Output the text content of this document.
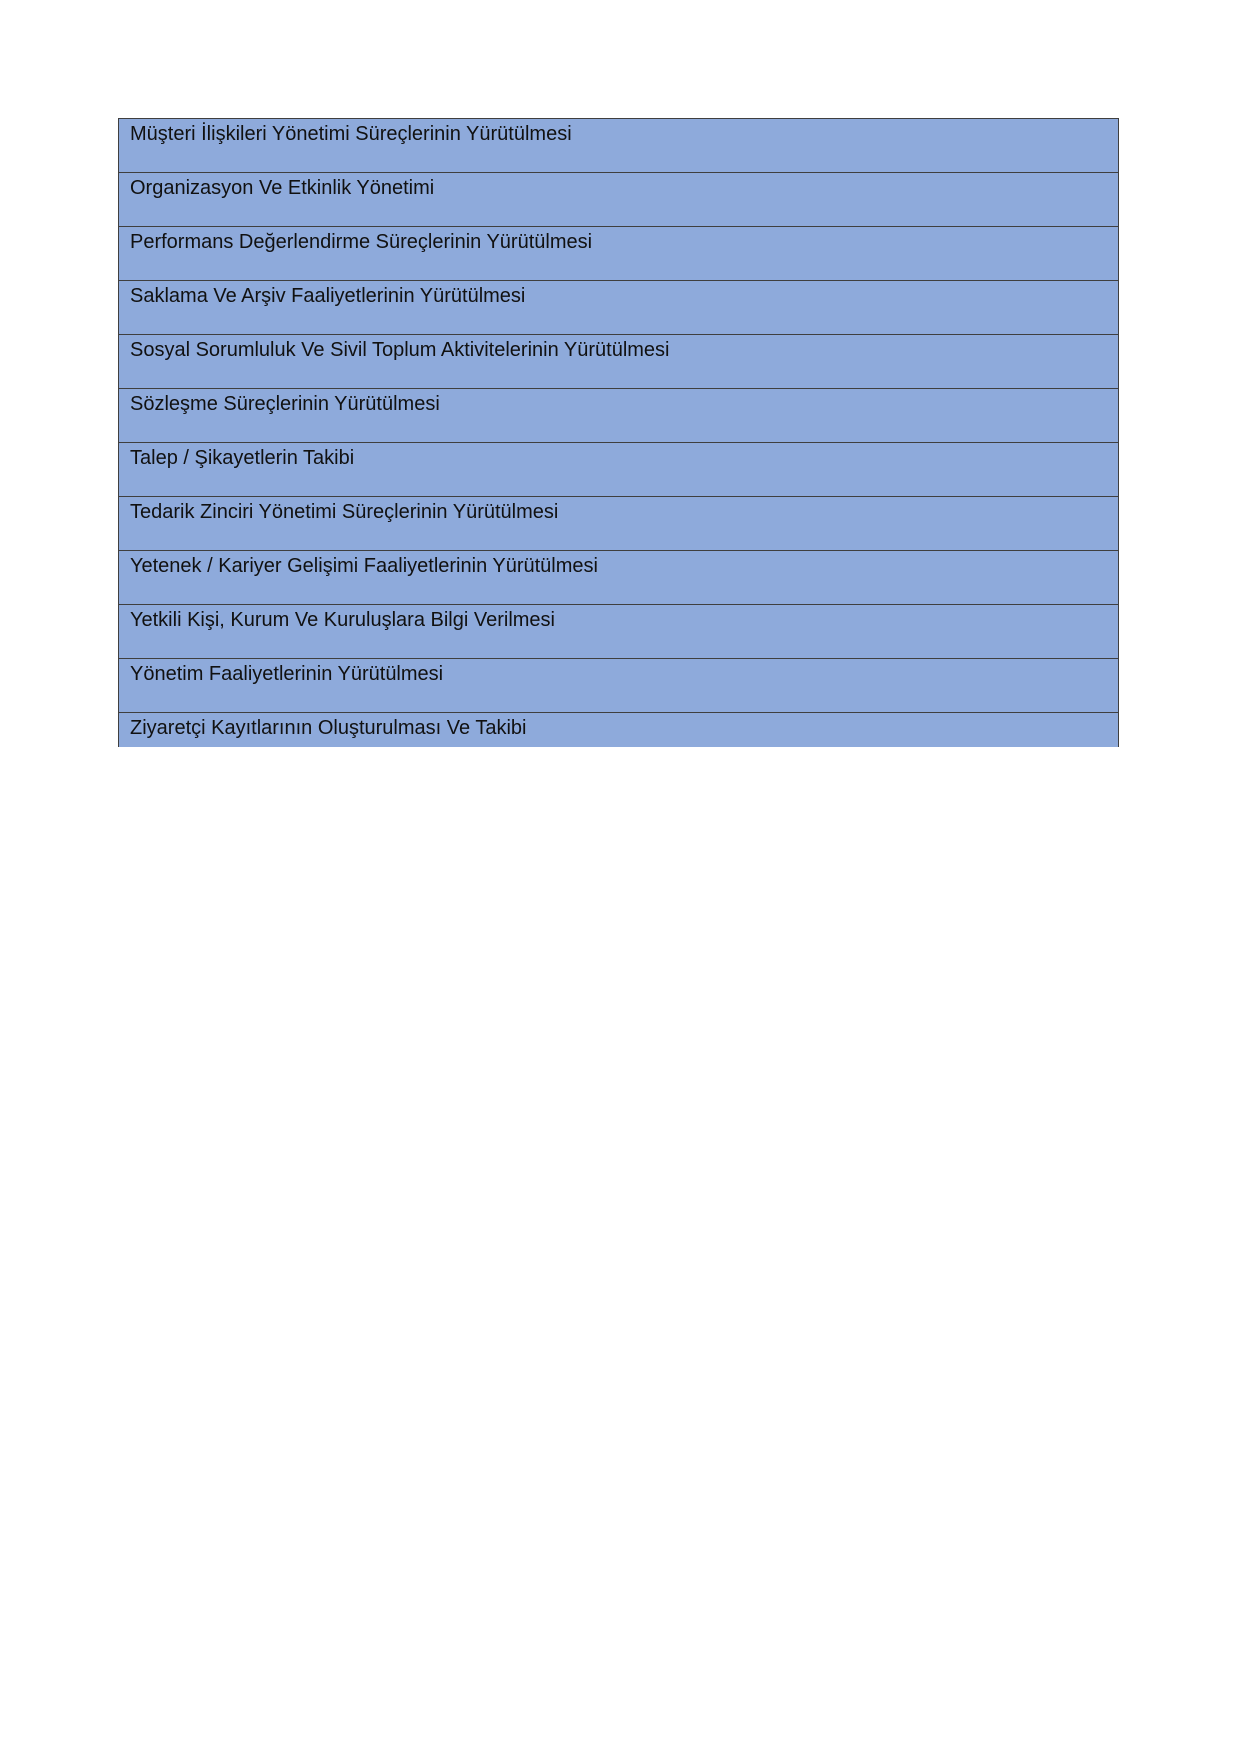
Müşteri İlişkileri Yönetimi Süreçlerinin Yürütülmesi
Organizasyon Ve Etkinlik Yönetimi
Performans Değerlendirme Süreçlerinin Yürütülmesi
Saklama Ve Arşiv Faaliyetlerinin Yürütülmesi
Sosyal Sorumluluk Ve Sivil Toplum Aktivitelerinin Yürütülmesi
Sözleşme Süreçlerinin Yürütülmesi
Talep / Şikayetlerin Takibi
Tedarik Zinciri Yönetimi Süreçlerinin Yürütülmesi
Yetenek / Kariyer Gelişimi Faaliyetlerinin Yürütülmesi
Yetkili Kişi, Kurum Ve Kuruluşlara Bilgi Verilmesi
Yönetim Faaliyetlerinin Yürütülmesi
Ziyaretçi Kayıtlarının Oluşturulması Ve Takibi
